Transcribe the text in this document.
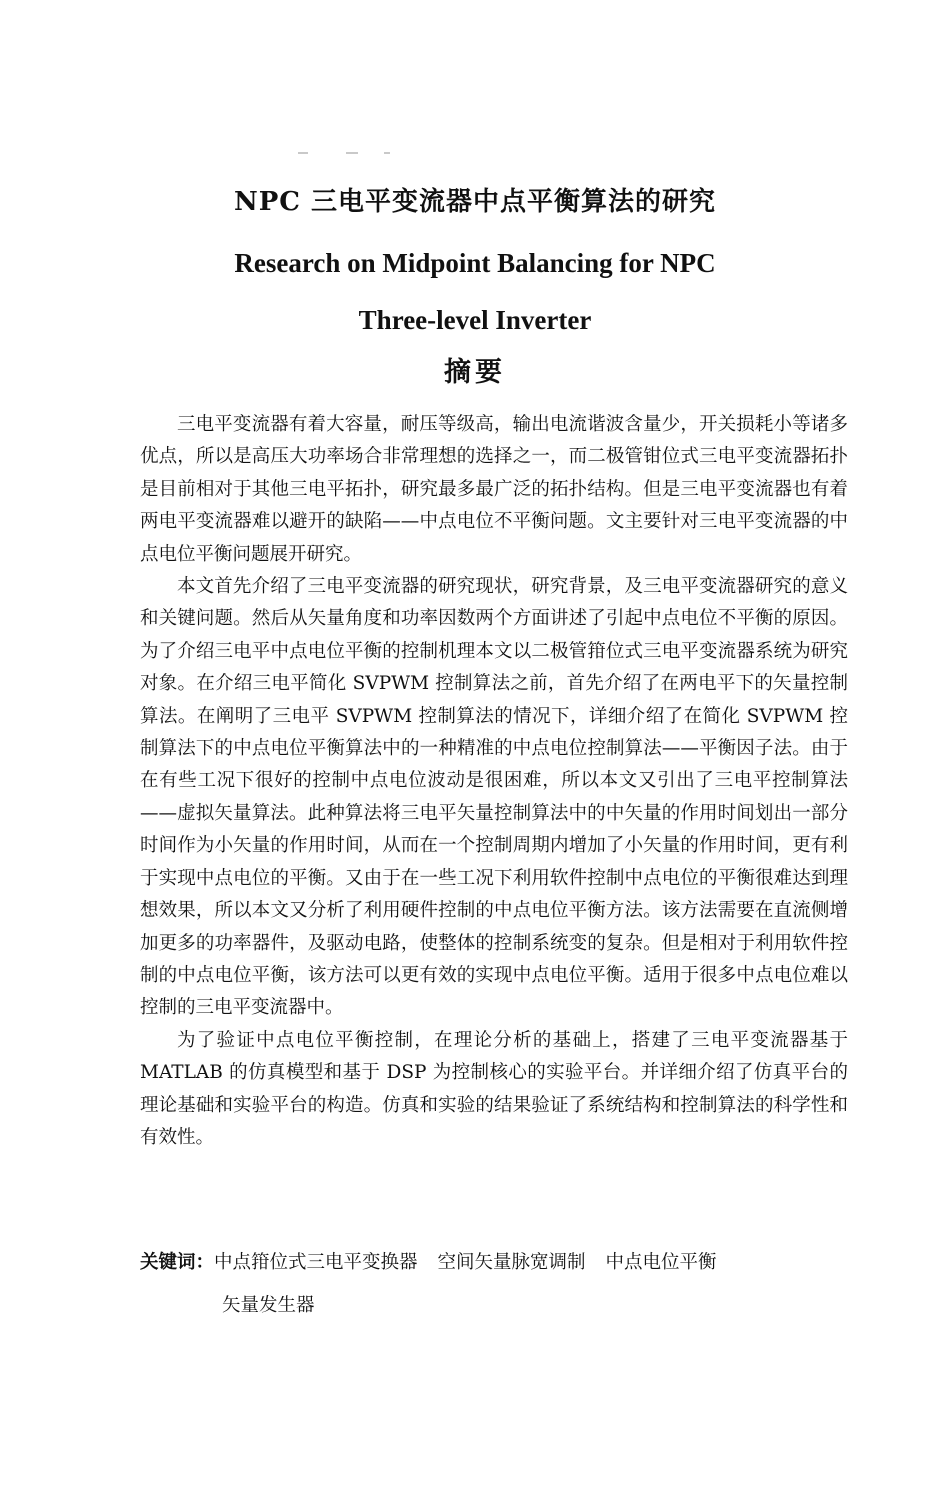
NPC 三电平变流器中点平衡算法的研究
Research on Midpoint Balancing for NPC
Three-level Inverter
摘要

三电平变流器有着大容量，耐压等级高，输出电流谐波含量少，开关损耗小等诸多优点，所以是高压大功率场合非常理想的选择之一，而二极管钳位式三电平变流器拓扑是目前相对于其他三电平拓扑，研究最多最广泛的拓扑结构。但是三电平变流器也有着两电平变流器难以避开的缺陷——中点电位不平衡问题。文主要针对三电平变流器的中点电位平衡问题展开研究。

本文首先介绍了三电平变流器的研究现状，研究背景，及三电平变流器研究的意义和关键问题。然后从矢量角度和功率因数两个方面讲述了引起中点电位不平衡的原因。为了介绍三电平中点电位平衡的控制机理本文以二极管箝位式三电平变流器系统为研究对象。在介绍三电平简化 SVPWM 控制算法之前，首先介绍了在两电平下的矢量控制算法。在阐明了三电平 SVPWM 控制算法的情况下，详细介绍了在简化 SVPWM 控制算法下的中点电位平衡算法中的一种精准的中点电位控制算法——平衡因子法。由于在有些工况下很好的控制中点电位波动是很困难，所以本文又引出了三电平控制算法——虚拟矢量算法。此种算法将三电平矢量控制算法中的中矢量的作用时间划出一部分时间作为小矢量的作用时间，从而在一个控制周期内增加了小矢量的作用时间，更有利于实现中点电位的平衡。又由于在一些工况下利用软件控制中点电位的平衡很难达到理想效果，所以本文又分析了利用硬件控制的中点电位平衡方法。该方法需要在直流侧增加更多的功率器件，及驱动电路，使整体的控制系统变的复杂。但是相对于利用软件控制的中点电位平衡，该方法可以更有效的实现中点电位平衡。适用于很多中点电位难以控制的三电平变流器中。

为了验证中点电位平衡控制，在理论分析的基础上，搭建了三电平变流器基于 MATLAB 的仿真模型和基于 DSP 为控制核心的实验平台。并详细介绍了仿真平台的理论基础和实验平台的构造。仿真和实验的结果验证了系统结构和控制算法的科学性和有效性。

关键词：中点箝位式三电平变换器 空间矢量脉宽调制 中点电位平衡
矢量发生器
